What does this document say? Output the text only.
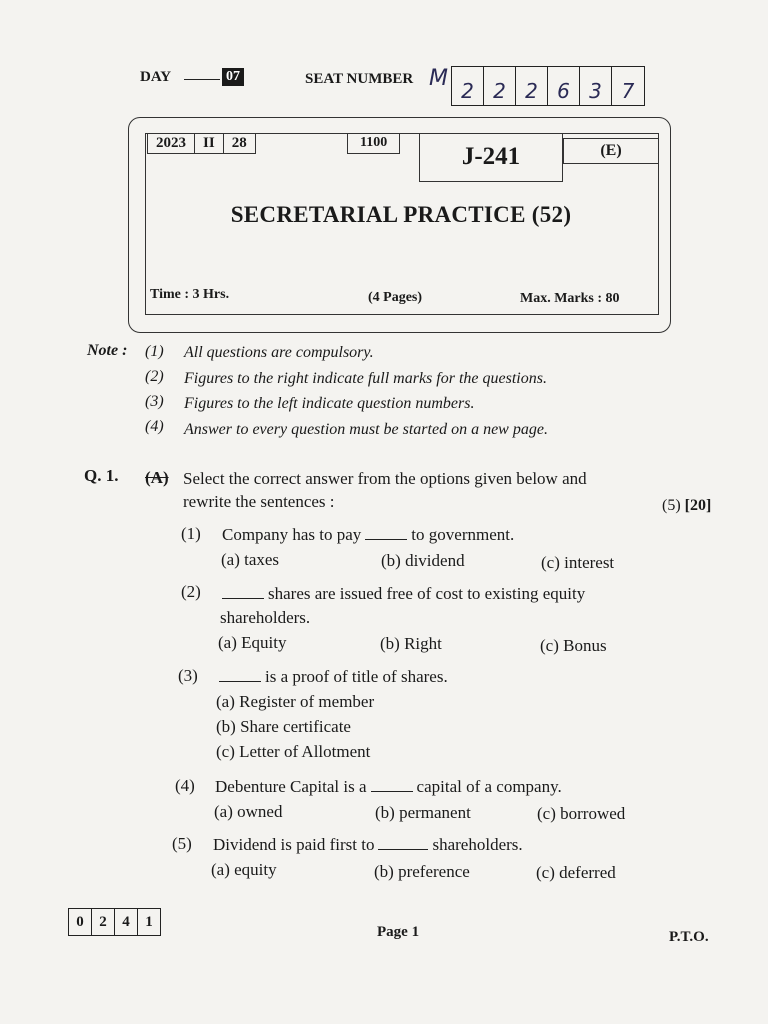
DAY	07	SEAT NUMBER M 2 2 2 6 3 7
2023	II	28	1100
J-241	(E)
SECRETARIAL PRACTICE (52)
Time : 3 Hrs.	(4 Pages)	Max. Marks : 80
Note : (1) All questions are compulsory.
(2) Figures to the right indicate full marks for the questions.
(3) Figures to the left indicate question numbers.
(4) Answer to every question must be started on a new page.
Q. 1. (A) Select the correct answer from the options given below and
rewrite the sentences :	(5) [20]
(1) Company has to pay	to government.
(a) taxes	(b) dividend	(c) interest
(2)	shares are issued free of cost to existing equity
shareholders.
(a) Equity	(b) Right	(c) Bonus
(3)	is a proof of title of shares.
(a) Register of member
(b) Share certificate
(c) Letter of Allotment
(4) Debenture Capital is a	capital of a company.
(a) owned	(b) permanent	(c) borrowed
(5) Dividend is paid first to	shareholders.
(a) equity	(b) preference	(c) deferred
0	2	4	1
Page 1	P.T.O.
